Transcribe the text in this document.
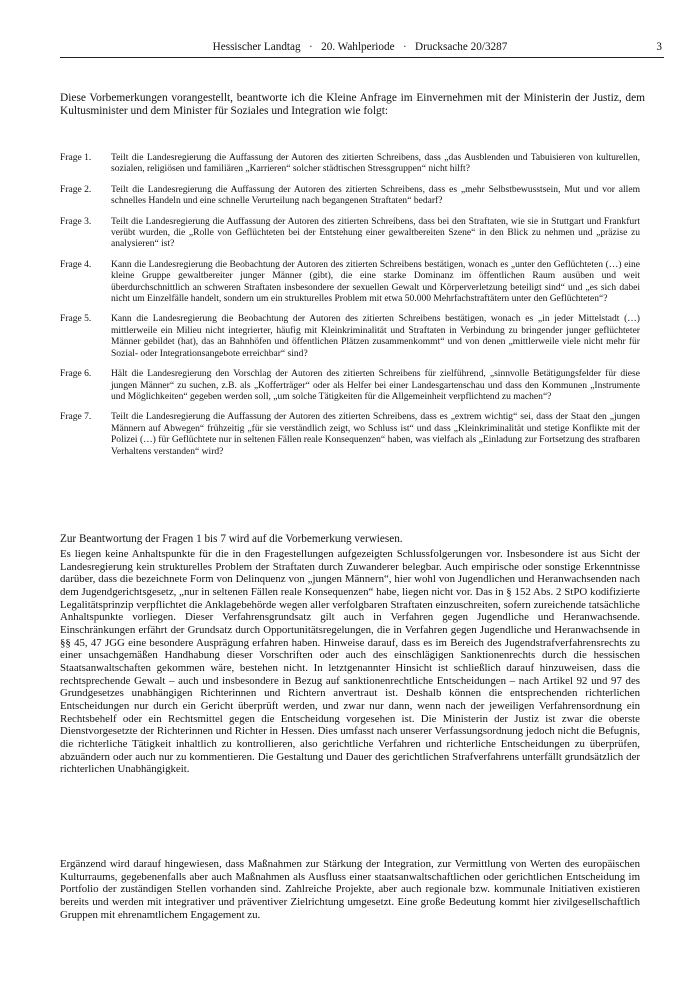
Hessischer Landtag   ·   20. Wahlperiode   ·   Drucksache 20/3287	3

Diese Vorbemerkungen vorangestellt, beantworte ich die Kleine Anfrage im Einvernehmen mit der Ministerin der Justiz, dem Kultusminister und dem Minister für Soziales und Integration wie folgt:

Frage 1.	Teilt die Landesregierung die Auffassung der Autoren des zitierten Schreibens, dass „das Ausblenden und Tabuisieren von kulturellen, sozialen, religiösen und familiären „Karrieren“ solcher städtischen Stressgruppen“ nicht hilft?
Frage 2.	Teilt die Landesregierung die Auffassung der Autoren des zitierten Schreibens, dass es „mehr Selbstbewusstsein, Mut und vor allem schnelles Handeln und eine schnelle Verurteilung nach begangenen Straftaten“ bedarf?
Frage 3.	Teilt die Landesregierung die Auffassung der Autoren des zitierten Schreibens, dass bei den Straftaten, wie sie in Stuttgart und Frankfurt verübt wurden, die „Rolle von Geflüchteten bei der Entstehung einer gewaltbereiten Szene“ in den Blick zu nehmen und „präzise zu analysieren“ ist?
Frage 4.	Kann die Landesregierung die Beobachtung der Autoren des zitierten Schreibens bestätigen, wonach es „unter den Geflüchteten (…) eine kleine Gruppe gewaltbereiter junger Männer (gibt), die eine starke Dominanz im öffentlichen Raum ausüben und weit überdurchschnittlich an schweren Straftaten insbesondere der sexuellen Gewalt und Körperverletzung beteiligt sind“ und „es sich dabei nicht um Einzelfälle handelt, sondern um ein strukturelles Problem mit etwa 50.000 Mehrfachstraftätern unter den Geflüchteten“?
Frage 5.	Kann die Landesregierung die Beobachtung der Autoren des zitierten Schreibens bestätigen, wonach es „in jeder Mittelstadt (…) mittlerweile ein Milieu nicht integrierter, häufig mit Kleinkriminalität und Straftaten in Verbindung zu bringender junger geflüchteter Männer gebildet (hat), das an Bahnhöfen und öffentlichen Plätzen zusammenkommt“ und von denen „mittlerweile viele nicht mehr für Sozial- oder Integrationsangebote erreichbar“ sind?
Frage 6.	Hält die Landesregierung den Vorschlag der Autoren des zitierten Schreibens für zielführend, „sinnvolle Betätigungsfelder für diese jungen Männer“ zu suchen, z.B. als „Kofferträger“ oder als Helfer bei einer Landesgartenschau und dass den Kommunen „Instrumente und Möglichkeiten“ gegeben werden soll, „um solche Tätigkeiten für die Allgemeinheit verpflichtend zu machen“?
Frage 7.	Teilt die Landesregierung die Auffassung der Autoren des zitierten Schreibens, dass es „extrem wichtig“ sei, dass der Staat den „jungen Männern auf Abwegen“ frühzeitig „für sie verständlich zeigt, wo Schluss ist“ und dass „Kleinkriminalität und stetige Konflikte mit der Polizei (…) für Geflüchtete nur in seltenen Fällen reale Konsequenzen“ haben, was vielfach als „Einladung zur Fortsetzung des strafbaren Verhaltens verstanden“ wird?

Zur Beantwortung der Fragen 1 bis 7 wird auf die Vorbemerkung verwiesen.

Es liegen keine Anhaltspunkte für die in den Fragestellungen aufgezeigten Schlussfolgerungen vor. Insbesondere ist aus Sicht der Landesregierung kein strukturelles Problem der Straftaten durch Zuwanderer belegbar. Auch empirische oder sonstige Erkenntnisse darüber, dass die bezeichnete Form von Delinquenz von „jungen Männern“, hier wohl von Jugendlichen und Heranwachsenden nach dem Jugendgerichtsgesetz, „nur in seltenen Fällen reale Konsequenzen“ habe, liegen nicht vor. Das in § 152 Abs. 2 StPO kodifizierte Legalitätsprinzip verpflichtet die Anklagebehörde wegen aller verfolgbaren Straftaten einzuschreiten, sofern zureichende tatsächliche Anhaltspunkte vorliegen. Dieser Verfahrensgrundsatz gilt auch in Verfahren gegen Jugendliche und Heranwachsende. Einschränkungen erfährt der Grundsatz durch Opportunitätsregelungen, die in Verfahren gegen Jugendliche und Heranwachsende in §§ 45, 47 JGG eine besondere Ausprägung erfahren haben. Hinweise darauf, dass es im Bereich des Jugendstrafverfahrensrechts zu einer unsachgemäßen Handhabung dieser Vorschriften oder auch des einschlägigen Sanktionenrechts durch die hessischen Staatsanwaltschaften gekommen wäre, bestehen nicht. In letztgenannter Hinsicht ist schließlich darauf hinzuweisen, dass die rechtsprechende Gewalt – auch und insbesondere in Bezug auf sanktionenrechtliche Entscheidungen – nach Artikel 92 und 97 des Grundgesetzes unabhängigen Richterinnen und Richtern anvertraut ist. Deshalb können die entsprechenden richterlichen Entscheidungen nur durch ein Gericht überprüft werden, und zwar nur dann, wenn nach der jeweiligen Verfahrensordnung ein Rechtsbehelf oder ein Rechtsmittel gegen die Entscheidung vorgesehen ist. Die Ministerin der Justiz ist zwar die oberste Dienstvorgesetzte der Richterinnen und Richter in Hessen. Dies umfasst nach unserer Verfassungsordnung jedoch nicht die Befugnis, die richterliche Tätigkeit inhaltlich zu kontrollieren, also gerichtliche Verfahren und richterliche Entscheidungen zu überprüfen, abzuändern oder auch nur zu kommentieren. Die Gestaltung und Dauer des gerichtlichen Strafverfahrens unterfällt grundsätzlich der richterlichen Unabhängigkeit.

Ergänzend wird darauf hingewiesen, dass Maßnahmen zur Stärkung der Integration, zur Vermittlung von Werten des europäischen Kulturraums, gegebenenfalls aber auch Maßnahmen als Ausfluss einer staatsanwaltschaftlichen oder gerichtlichen Entscheidung im Portfolio der zuständigen Stellen vorhanden sind. Zahlreiche Projekte, aber auch regionale bzw. kommunale Initiativen existieren bereits und werden mit integrativer und präventiver Zielrichtung umgesetzt. Eine große Bedeutung kommt hier zivilgesellschaftlich Gruppen mit ehrenamtlichem Engagement zu.
